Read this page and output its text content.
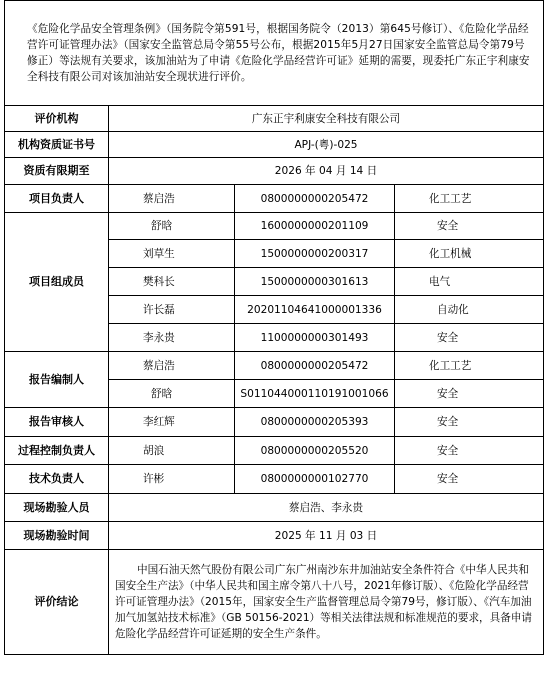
《危险化学品安全管理条例》（国务院令第591号，根据国务院令（2013）第645号修订）、《危险化学品经营许可证管理办法》（国家安全监管总局令第55号公布，根据2015年5月27日国家安全监管总局令第79号修正）等法规有关要求，该加油站为了申请《危险化学品经营许可证》延期的需要，现委托广东正宇利康安全科技有限公司对该加油站安全现状进行评价。			
评价机构	广东正宇利康安全科技有限公司		
机构资质证书号	APJ-(粤)-025		
资质有限期至	2026 年 04 月 14 日		
项目负责人	蔡启浩	0800000000205472	化工工艺
项目组成员	舒晗	1600000000201109	安全
	刘草生	1500000000200317	化工机械
	樊科长	1500000000301613	电气
	许长磊	20201104641000001336	自动化
	李永贵	1100000000301493	安全
报告编制人	蔡启浩	0800000000205472	化工工艺
	舒晗	S011044000110191001066	安全
报告审核人	李红辉	0800000000205393	安全
过程控制负责人	胡浪	0800000000205520	安全
技术负责人	许彬	0800000000102770	安全
现场勘验人员	蔡启浩、李永贵		
现场勘验时间	2025 年 11 月 03 日		
评价结论	中国石油天然气股份有限公司广东广州南沙东井加油站安全条件符合《中华人民共和国安全生产法》（中华人民共和国主席令第八十八号，2021年修订版）、《危险化学品经营许可证管理办法》（2015年，国家安全生产监督管理总局令第79号，修订版）、《汽车加油加气加氢站技术标准》（GB 50156-2021）等相关法律法规和标准规范的要求，具备申请危险化学品经营许可证延期的安全生产条件。		
